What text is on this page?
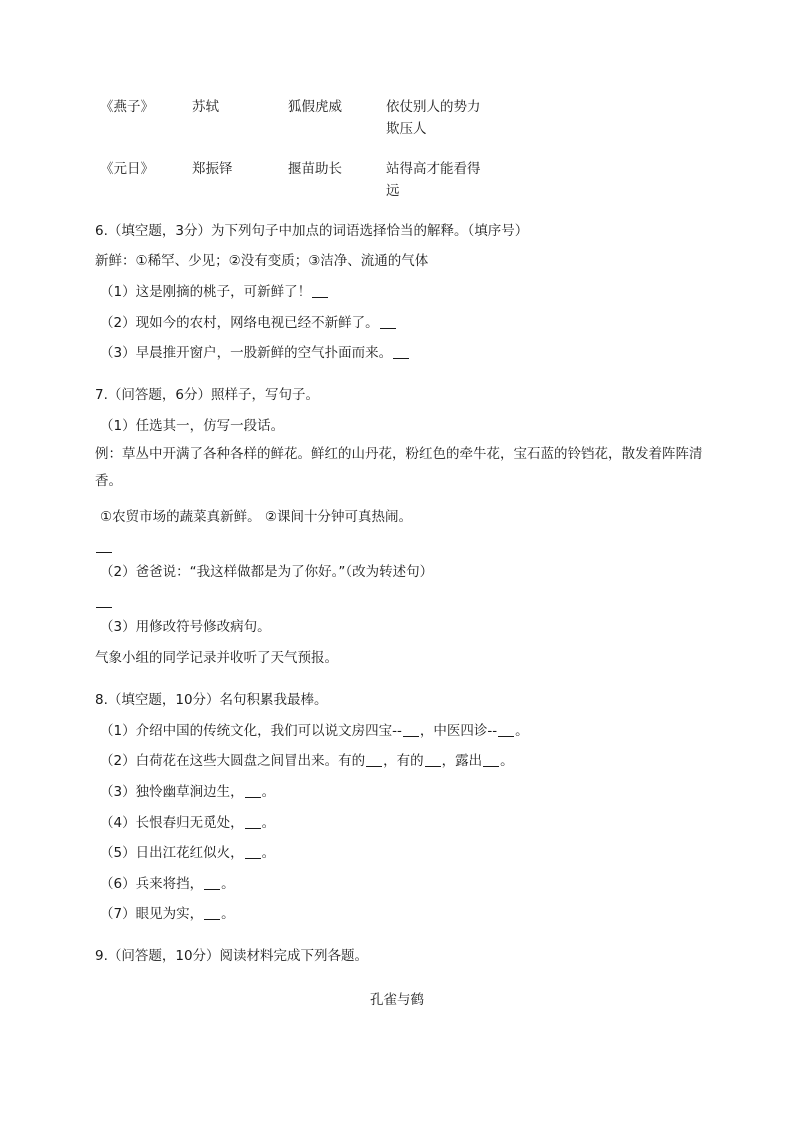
《燕子》	苏轼	狐假虎威	依仗别人的势力欺压人
《元日》	郑振铎	揠苗助长	站得高才能看得远
6.（填空题，3分）为下列句子中加点的词语选择恰当的解释。（填序号）
新鲜：①稀罕、少见；②没有变质；③洁净、流通的气体
（1）这是刚摘的桃子，可新鲜了！
（2）现如今的农村，网络电视已经不新鲜了。
（3）早晨推开窗户，一股新鲜的空气扑面而来。
7.（问答题，6分）照样子，写句子。
（1）任选其一，仿写一段话。
例：草丛中开满了各种各样的鲜花。鲜红的山丹花，粉红色的牵牛花，宝石蓝的铃铛花，散发着阵阵清香。
①农贸市场的蔬菜真新鲜。 ②课间十分钟可真热闹。
（2）爸爸说：“我这样做都是为了你好。”（改为转述句）
（3）用修改符号修改病句。
气象小组的同学记录并收听了天气预报。
8.（填空题，10分）名句积累我最棒。
（1）介绍中国的传统文化，我们可以说文房四宝-- ，中医四诊-- 。
（2）白荷花在这些大圆盘之间冒出来。有的 ，有的 ，露出 。
（3）独怜幽草涧边生， 。
（4）长恨春归无觅处， 。
（5）日出江花红似火， 。
（6）兵来将挡， 。
（7）眼见为实， 。
9.（问答题，10分）阅读材料完成下列各题。
孔雀与鹤
